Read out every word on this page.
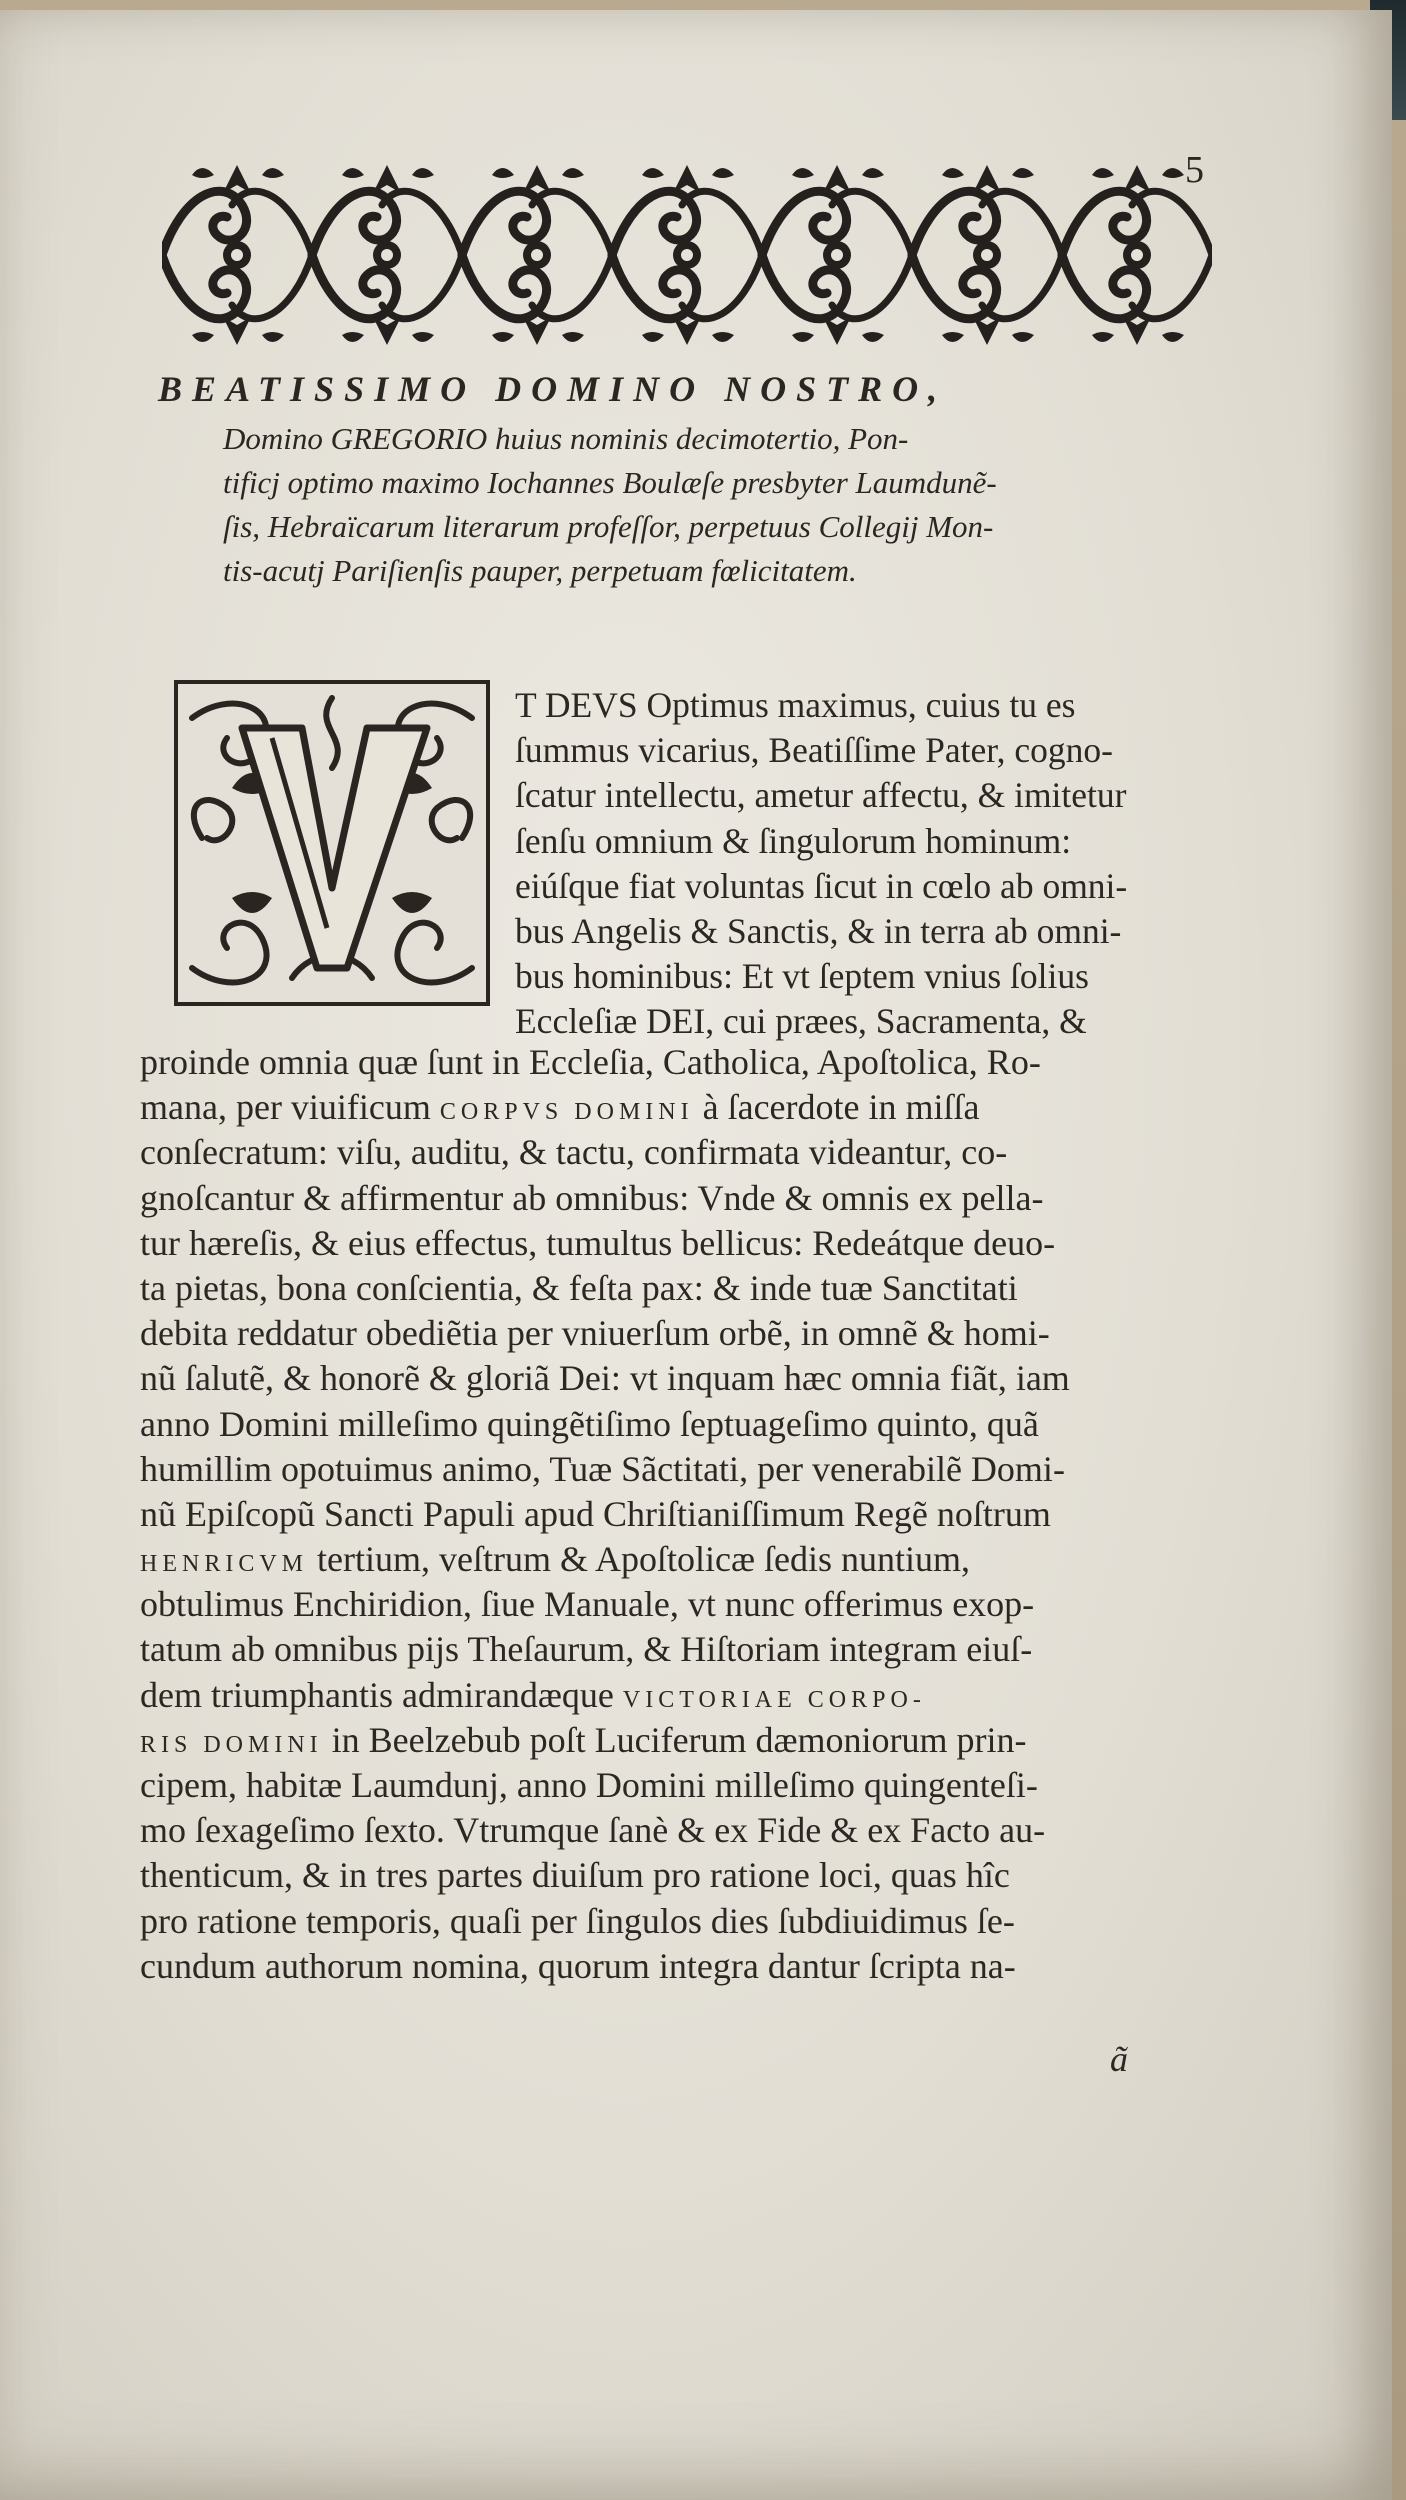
5
BEATISSIMO DOMINO NOSTRO,
Domino GREGORIO huius nominis decimotertio, Pon-
tificj optimo maximo Iochannes Boulæſe presbyter Laumdunẽ-
ſis, Hebraïcarum literarum profeſſor, perpetuus Collegij Mon-
tis-acutj Pariſienſis pauper, perpetuam fœlicitatem.
T DEVS Optimus maximus, cuius tu es
ſummus vicarius, Beatiſſime Pater, cogno-
ſcatur intellectu, ametur affectu, & imitetur
ſenſu omnium & ſingulorum hominum:
eiúſque fiat voluntas ſicut in cœlo ab omni-
bus Angelis & Sanctis, & in terra ab omni-
bus hominibus: Et vt ſeptem vnius ſolius
Eccleſiæ DEI, cui præes, Sacramenta, &
proinde omnia quæ ſunt in Eccleſia, Catholica, Apoſtolica, Ro-
mana, per viuificum CORPVS DOMINI à ſacerdote in miſſa
conſecratum: viſu, auditu, & tactu, confirmata videantur, co-
gnoſcantur & affirmentur ab omnibus: Vnde & omnis ex pella-
tur hæreſis, & eius effectus, tumultus bellicus: Redeátque deuo-
ta pietas, bona conſcientia, & feſta pax: & inde tuæ Sanctitati
debita reddatur obediẽtia per vniuerſum orbẽ, in omnẽ & homi-
nũ ſalutẽ, & honorẽ & gloriã Dei: vt inquam hæc omnia fiãt, iam
anno Domini milleſimo quingẽtiſimo ſeptuageſimo quinto, quã
humillim opotuimus animo, Tuæ Sãctitati, per venerabilẽ Domi-
nũ Epiſcopũ Sancti Papuli apud Chriſtianiſſimum Regẽ noſtrum
HENRICVM tertium, veſtrum & Apoſtolicæ ſedis nuntium,
obtulimus Enchiridion, ſiue Manuale, vt nunc offerimus exop-
tatum ab omnibus pijs Theſaurum, & Hiſtoriam integram eiuſ-
dem triumphantis admirandæque VICTORIAE CORPO-
RIS DOMINI in Beelzebub poſt Luciferum dæmoniorum prin-
cipem, habitæ Laumdunj, anno Domini milleſimo quingenteſi-
mo ſexageſimo ſexto. Vtrumque ſanè & ex Fide & ex Facto au-
thenticum, & in tres partes diuiſum pro ratione loci, quas hîc
pro ratione temporis, quaſi per ſingulos dies ſubdiuidimus ſe-
cundum authorum nomina, quorum integra dantur ſcripta na-
ã
